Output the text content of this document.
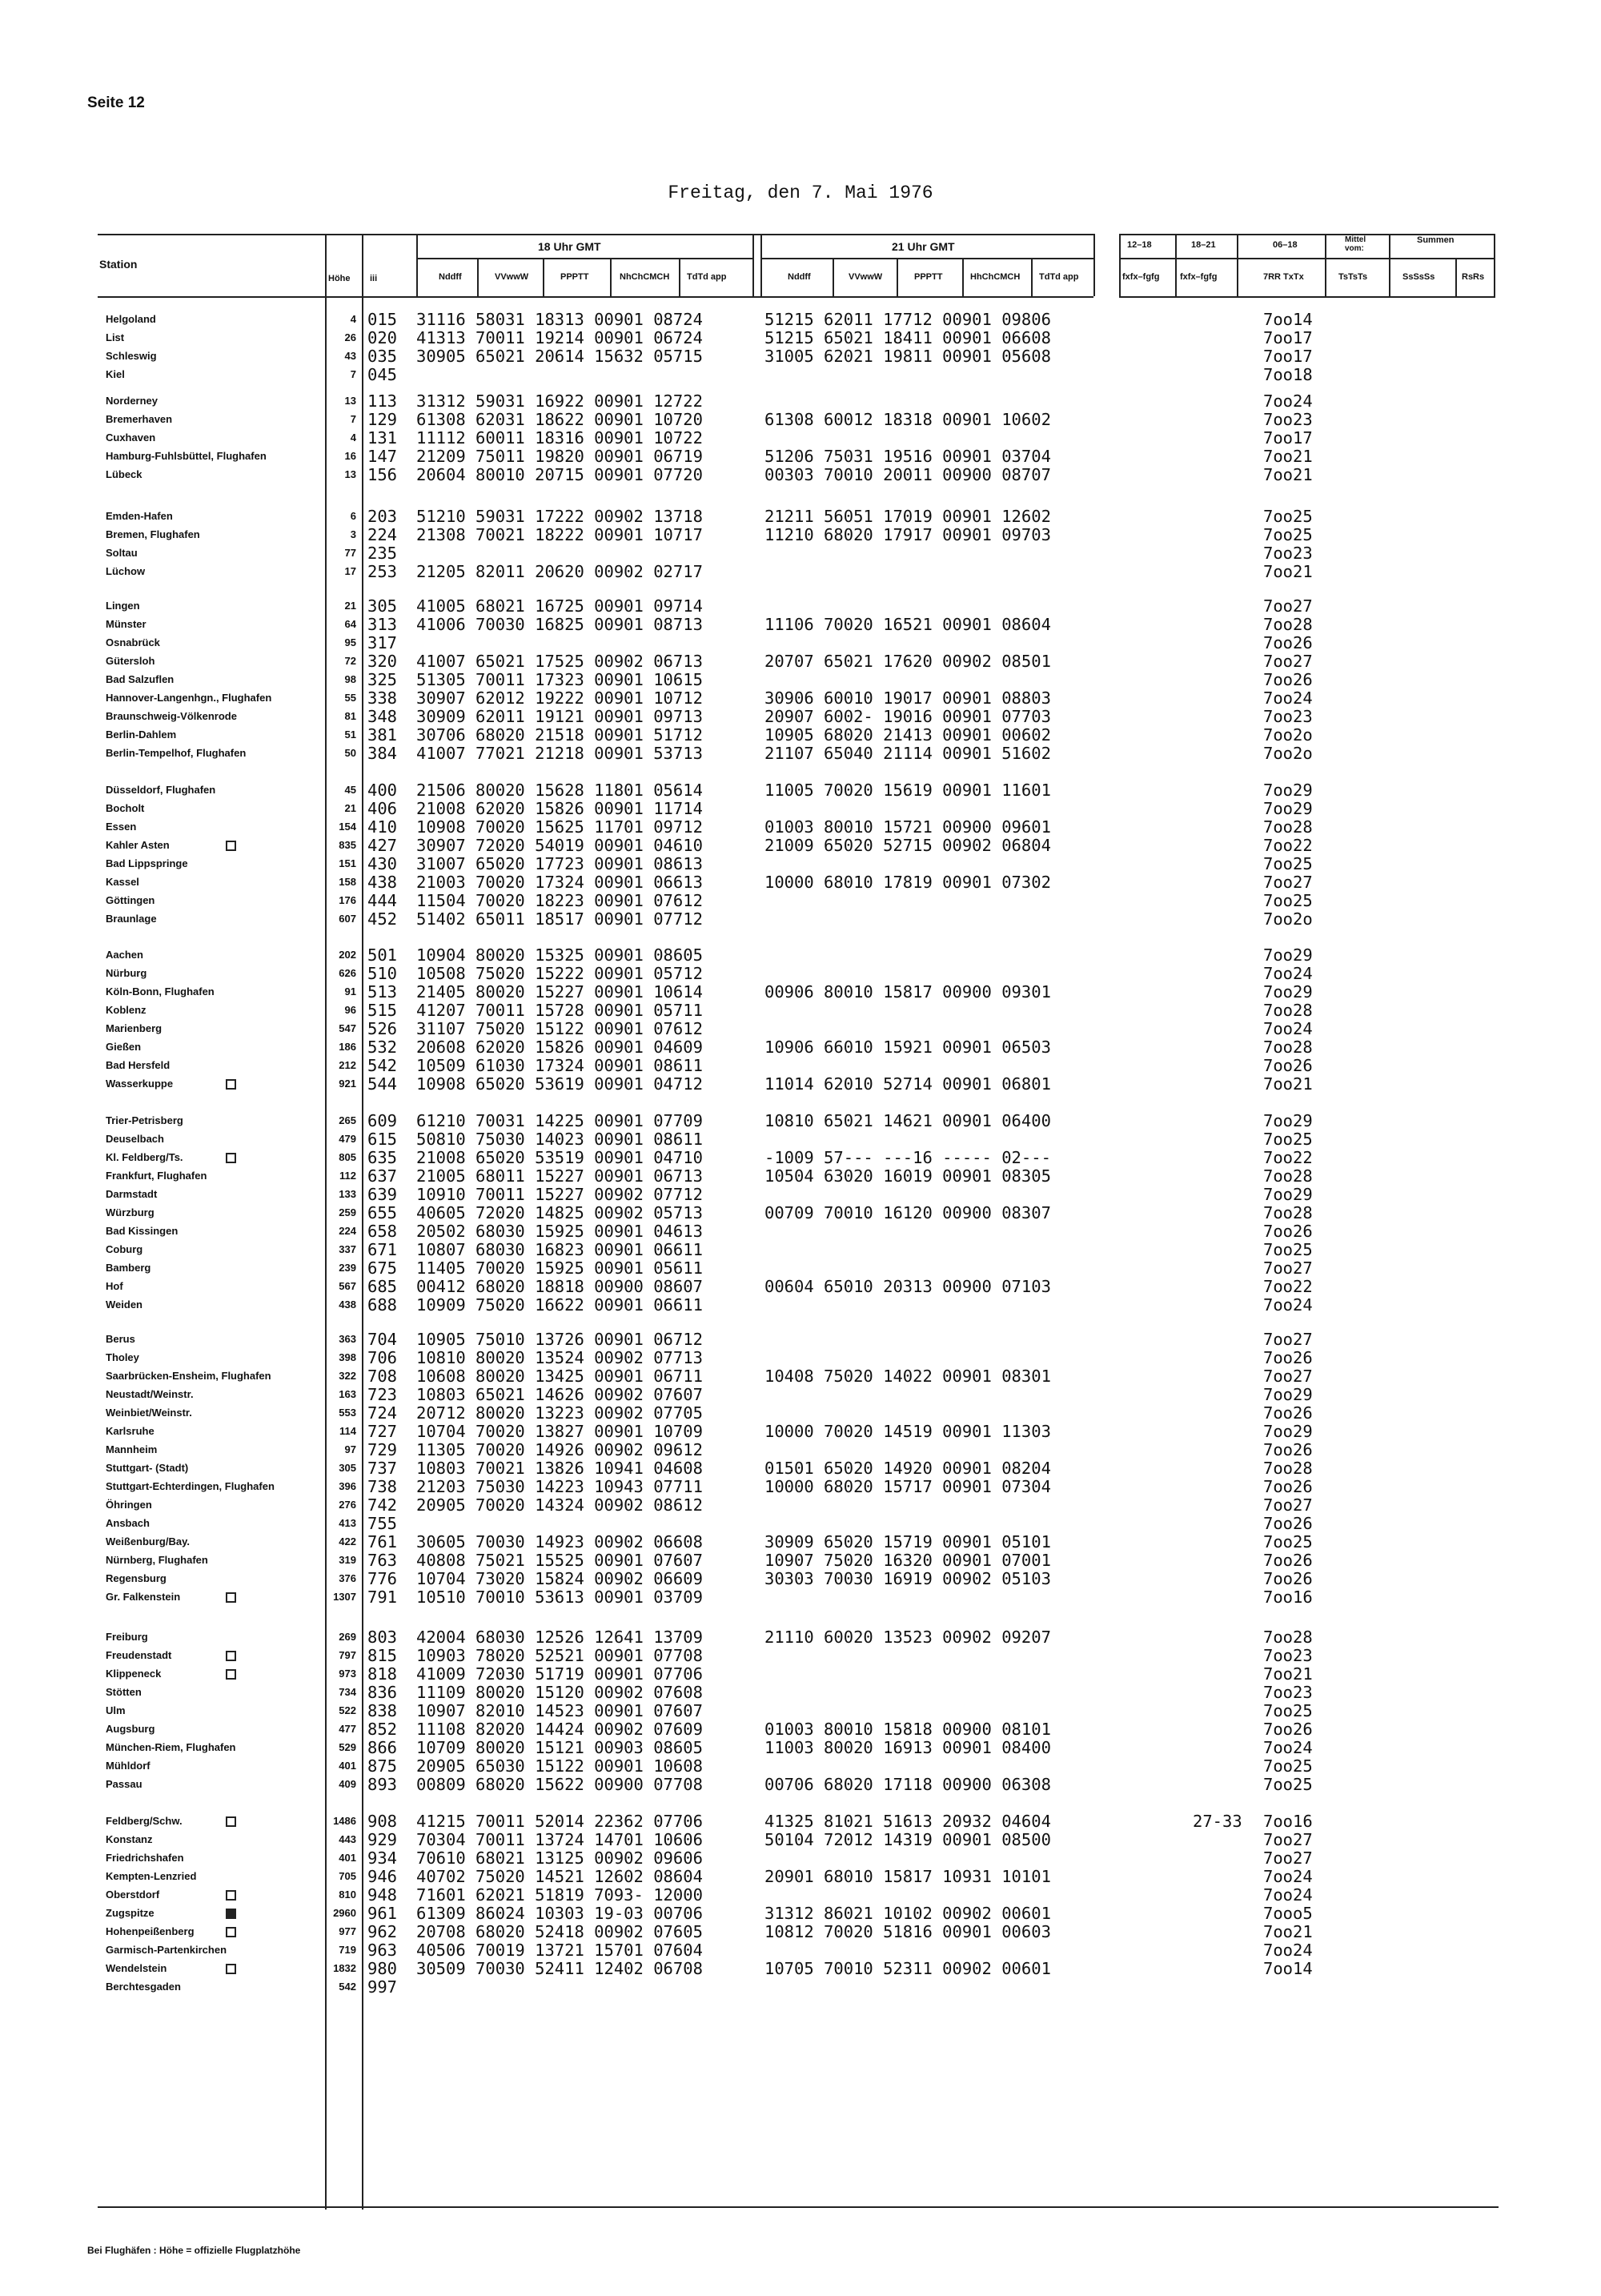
Seite 12
Freitag, den 7. Mai 1976
Station
Höhe iii
18 Uhr GMT	21 Uhr GMT
Nddff	VVwwW	PPPTT	NhChCMCH TdTd app	Nddff	VVwwW	PPPTT	HhChCMCH TdTd app
12–18	18–21	06–18
Mittel vom:
Summen
fxfx–fgfg fxfx–fgfg	7RR TxTx	TsTsTs	SsSsSs	RsRs
Helgoland	4 015 31116 58031 18313 00901 08724	51215 62011 17712 00901 09806	7oo14
List	26 020 41313 70011 19214 00901 06724	51215 65021 18411 00901 06608	7oo17
Schleswig	43 035 30905 65021 20614 15632 05715	31005 62021 19811 00901 05608	7oo17
Kiel	7 045	7oo18
Norderney	13 113 31312 59031 16922 00901 12722	7oo24
Bremerhaven	7 129 61308 62031 18622 00901 10720	61308 60012 18318 00901 10602	7oo23
Cuxhaven	4 131 11112 60011 18316 00901 10722	7oo17
Hamburg-Fuhlsbüttel, Flughafen	16 147 21209 75011 19820 00901 06719	51206 75031 19516 00901 03704	7oo21
Lübeck	13 156 20604 80010 20715 00901 07720	00303 70010 20011 00900 08707	7oo21
Emden-Hafen	6 203 51210 59031 17222 00902 13718	21211 56051 17019 00901 12602	7oo25
Bremen, Flughafen	3 224 21308 70021 18222 00901 10717	11210 68020 17917 00901 09703	7oo25
Soltau	77 235	7oo23
Lüchow	17 253 21205 82011 20620 00902 02717	7oo21
Lingen	21 305 41005 68021 16725 00901 09714	7oo27
Münster	64 313 41006 70030 16825 00901 08713	11106 70020 16521 00901 08604	7oo28
Osnabrück	95 317	7oo26
Gütersloh	72 320 41007 65021 17525 00902 06713	20707 65021 17620 00902 08501	7oo27
Bad Salzuflen	98 325 51305 70011 17323 00901 10615	7oo26
Hannover-Langenhgn., Flughafen	55 338 30907 62012 19222 00901 10712	30906 60010 19017 00901 08803	7oo24
Braunschweig-Völkenrode	81 348 30909 62011 19121 00901 09713	20907 6002- 19016 00901 07703	7oo23
Berlin-Dahlem	51 381 30706 68020 21518 00901 51712	10905 68020 21413 00901 00602	7oo2o
Berlin-Tempelhof, Flughafen	50 384 41007 77021 21218 00901 53713	21107 65040 21114 00901 51602	7oo2o
Düsseldorf, Flughafen	45 400 21506 80020 15628 11801 05614	11005 70020 15619 00901 11601	7oo29
Bocholt	21 406 21008 62020 15826 00901 11714	7oo29
Essen	154 410 10908 70020 15625 11701 09712	01003 80010 15721 00900 09601	7oo28
Kahler Asten	835 427 30907 72020 54019 00901 04610	21009 65020 52715 00902 06804	7oo22
Bad Lippspringe	151 430 31007 65020 17723 00901 08613	7oo25
Kassel	158 438 21003 70020 17324 00901 06613	10000 68010 17819 00901 07302	7oo27
Göttingen	176 444 11504 70020 18223 00901 07612	7oo25
Braunlage	607 452 51402 65011 18517 00901 07712	7oo2o
Aachen	202 501 10904 80020 15325 00901 08605	7oo29
Nürburg	626 510 10508 75020 15222 00901 05712	7oo24
Köln-Bonn, Flughafen	91 513 21405 80020 15227 00901 10614	00906 80010 15817 00900 09301	7oo29
Koblenz	96 515 41207 70011 15728 00901 05711	7oo28
Marienberg	547 526 31107 75020 15122 00901 07612	7oo24
Gießen	186 532 20608 62020 15826 00901 04609	10906 66010 15921 00901 06503	7oo28
Bad Hersfeld	212 542 10509 61030 17324 00901 08611	7oo26
Wasserkuppe	921 544 10908 65020 53619 00901 04712	11014 62010 52714 00901 06801	7oo21
Trier-Petrisberg	265 609 61210 70031 14225 00901 07709	10810 65021 14621 00901 06400	7oo29
Deuselbach	479 615 50810 75030 14023 00901 08611	7oo25
Kl. Feldberg/Ts.	805 635 21008 65020 53519 00901 04710	-1009 57--- ---16 ----- 02---	7oo22
Frankfurt, Flughafen	112 637 21005 68011 15227 00901 06713	10504 63020 16019 00901 08305	7oo28
Darmstadt	133 639 10910 70011 15227 00902 07712	7oo29
Würzburg	259 655 40605 72020 14825 00902 05713	00709 70010 16120 00900 08307	7oo28
Bad Kissingen	224 658 20502 68030 15925 00901 04613	7oo26
Coburg	337 671 10807 68030 16823 00901 06611	7oo25
Bamberg	239 675 11405 70020 15925 00901 05611	7oo27
Hof	567 685 00412 68020 18818 00900 08607	00604 65010 20313 00900 07103	7oo22
Weiden	438 688 10909 75020 16622 00901 06611	7oo24
Berus	363 704 10905 75010 13726 00901 06712	7oo27
Tholey	398 706 10810 80020 13524 00902 07713	7oo26
Saarbrücken-Ensheim, Flughafen	322 708 10608 80020 13425 00901 06711	10408 75020 14022 00901 08301	7oo27
Neustadt/Weinstr.	163 723 10803 65021 14626 00902 07607	7oo29
Weinbiet/Weinstr.	553 724 20712 80020 13223 00902 07705	7oo26
Karlsruhe	114 727 10704 70020 13827 00901 10709	10000 70020 14519 00901 11303	7oo29
Mannheim	97 729 11305 70020 14926 00902 09612	7oo26
Stuttgart- (Stadt)	305 737 10803 70021 13826 10941 04608	01501 65020 14920 00901 08204	7oo28
Stuttgart-Echterdingen, Flughafen	396 738 21203 75030 14223 10943 07711	10000 68020 15717 00901 07304	7oo26
Öhringen	276 742 20905 70020 14324 00902 08612	7oo27
Ansbach	413 755	7oo26
Weißenburg/Bay.	422 761 30605 70030 14923 00902 06608	30909 65020 15719 00901 05101	7oo25
Nürnberg, Flughafen	319 763 40808 75021 15525 00901 07607	10907 75020 16320 00901 07001	7oo26
Regensburg	376 776 10704 73020 15824 00902 06609	30303 70030 16919 00902 05103	7oo26
Gr. Falkenstein	1307 791 10510 70010 53613 00901 03709	7oo16
Freiburg	269 803 42004 68030 12526 12641 13709	21110 60020 13523 00902 09207	7oo28
Freudenstadt	797 815 10903 78020 52521 00901 07708	7oo23
Klippeneck	973 818 41009 72030 51719 00901 07706	7oo21
Stötten	734 836 11109 80020 15120 00902 07608	7oo23
Ulm	522 838 10907 82010 14523 00901 07607	7oo25
Augsburg	477 852 11108 82020 14424 00902 07609	01003 80010 15818 00900 08101	7oo26
München-Riem, Flughafen	529 866 10709 80020 15121 00903 08605	11003 80020 16913 00901 08400	7oo24
Mühldorf	401 875 20905 65030 15122 00901 10608	7oo25
Passau	409 893 00809 68020 15622 00900 07708	00706 68020 17118 00900 06308	7oo25
Feldberg/Schw.	1486 908 41215 70011 52014 22362 07706	41325 81021 51613 20932 04604	27-33 7oo16
Konstanz	443 929 70304 70011 13724 14701 10606	50104 72012 14319 00901 08500	7oo27
Friedrichshafen	401 934 70610 68021 13125 00902 09606	7oo27
Kempten-Lenzried	705 946 40702 75020 14521 12602 08604	20901 68010 15817 10931 10101	7oo24
Oberstdorf	810 948 71601 62021 51819 7093- 12000	7oo24
Zugspitze	2960 961 61309 86024 10303 19-03 00706	31312 86021 10102 00902 00601	7ooo5
Hohenpeißenberg	977 962 20708 68020 52418 00902 07605	10812 70020 51816 00901 00603	7oo21
Garmisch-Partenkirchen	719 963 40506 70019 13721 15701 07604	7oo24
Wendelstein	1832 980 30509 70030 52411 12402 06708	10705 70010 52311 00902 00601	7oo14
Berchtesgaden	542 997
Bei Flughäfen : Höhe = offizielle Flugplatzhöhe
